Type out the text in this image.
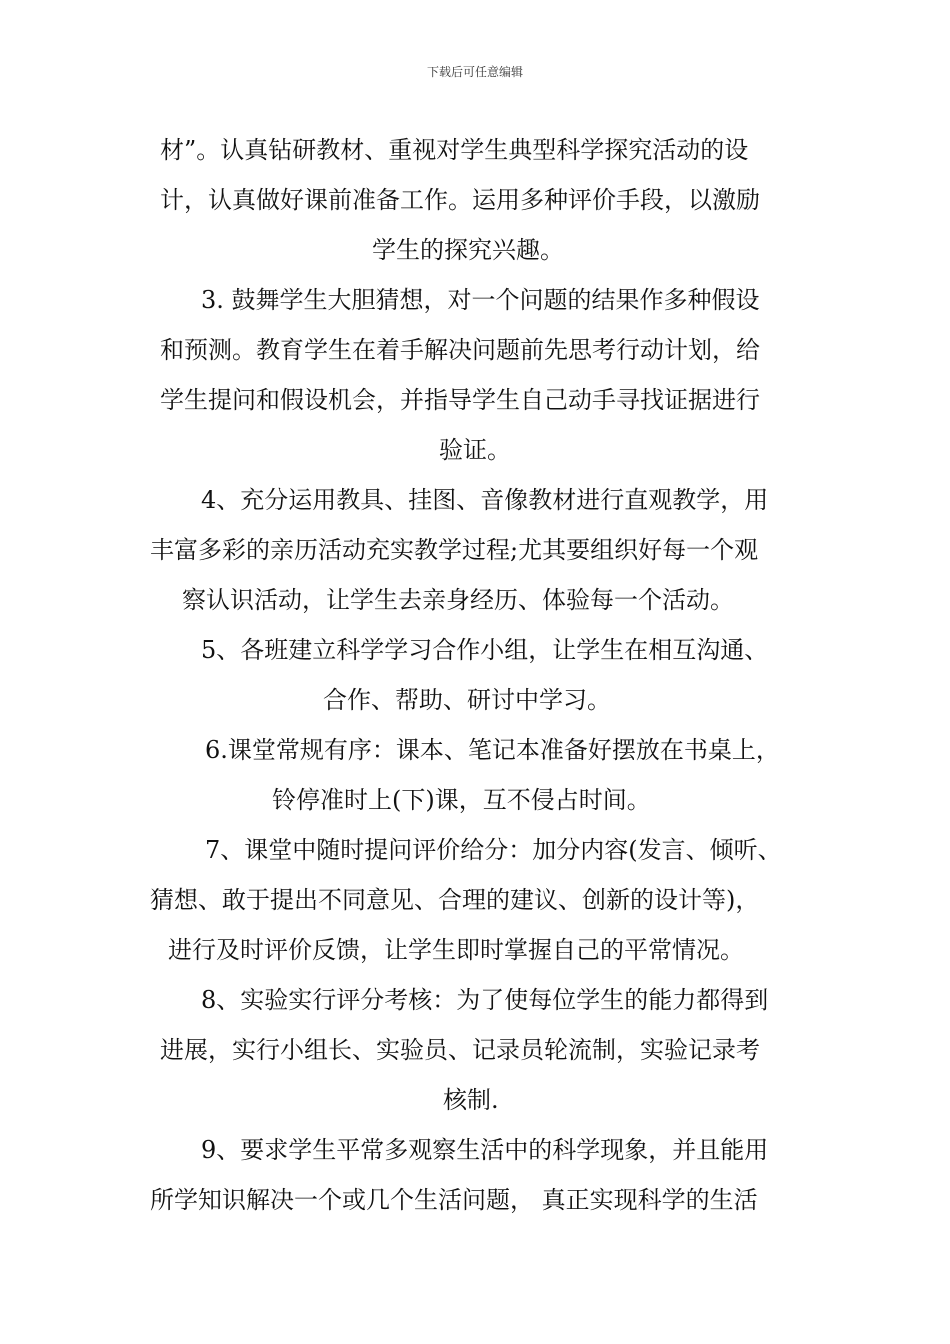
下载后可任意编辑
材”。认真钻研教材、重视对学生典型科学探究活动的设
计，认真做好课前准备工作。运用多种评价手段，以激励
学生的探究兴趣。
3. 鼓舞学生大胆猜想，对一个问题的结果作多种假设
和预测。教育学生在着手解决问题前先思考行动计划，给
学生提问和假设机会，并指导学生自己动手寻找证据进行
验证。
4、充分运用教具、挂图、音像教材进行直观教学，用
丰富多彩的亲历活动充实教学过程;尤其要组织好每一个观
察认识活动，让学生去亲身经历、体验每一个活动。
5、各班建立科学学习合作小组，让学生在相互沟通、
合作、帮助、研讨中学习。
6.课堂常规有序：课本、笔记本准备好摆放在书桌上，
铃停准时上(下)课，互不侵占时间。
7、课堂中随时提问评价给分：加分内容(发言、倾听、
猜想、敢于提出不同意见、合理的建议、创新的设计等)，
进行及时评价反馈，让学生即时掌握自己的平常情况。
8、实验实行评分考核：为了使每位学生的能力都得到
进展，实行小组长、实验员、记录员轮流制，实验记录考
核制.
9、要求学生平常多观察生活中的科学现象，并且能用
所学知识解决一个或几个生活问题， 真正实现科学的生活
